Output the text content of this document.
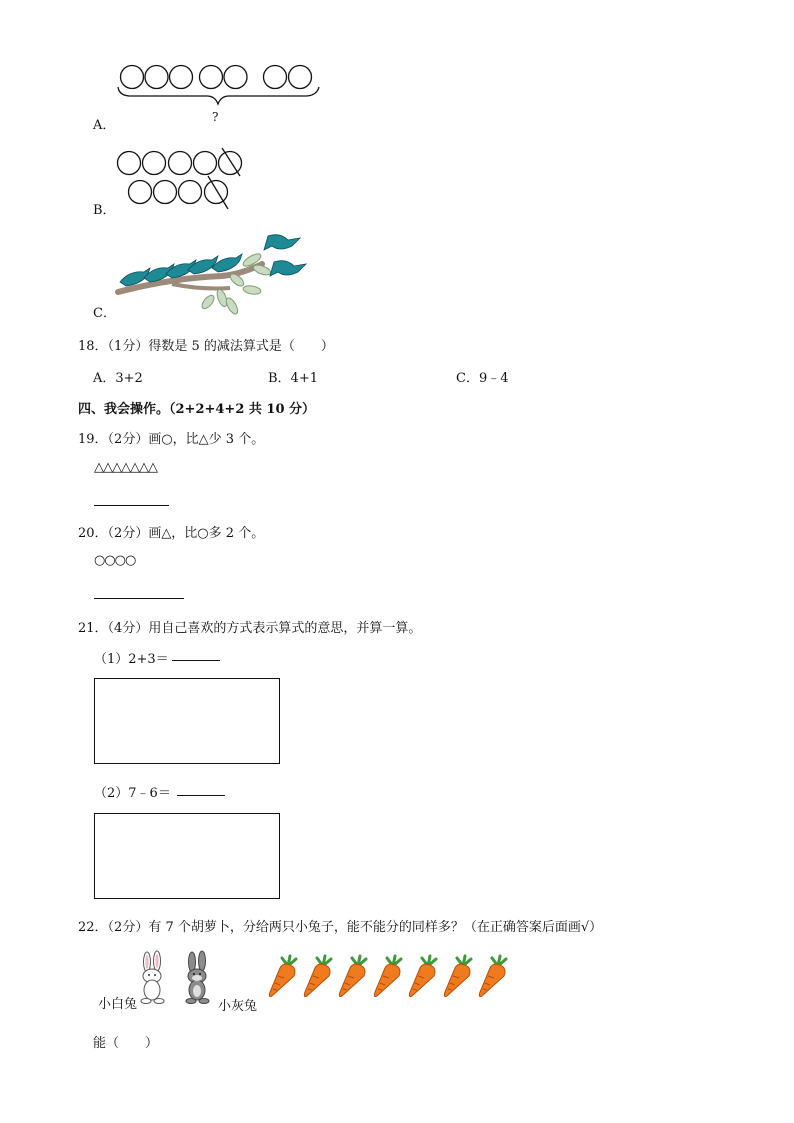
?
A．
B．
C．
18．（1分）得数是 5 的减法算式是（　　）
A．3+2	B．4+1	C．9﹣4
四、我会操作。（2+2+4+2 共 10 分）
19．（2分）画○，比△少 3 个。
△△△△△△△
20．（2分）画△，比○多 2 个。
○○○○
21．（4分）用自己喜欢的方式表示算式的意思，并算一算。
（1）2+3＝
（2）7﹣6＝
22．（2分）有 7 个胡萝卜，分给两只小兔子，能不能分的同样多？（在正确答案后面画√）
小白兔	小灰兔
能（　　）
